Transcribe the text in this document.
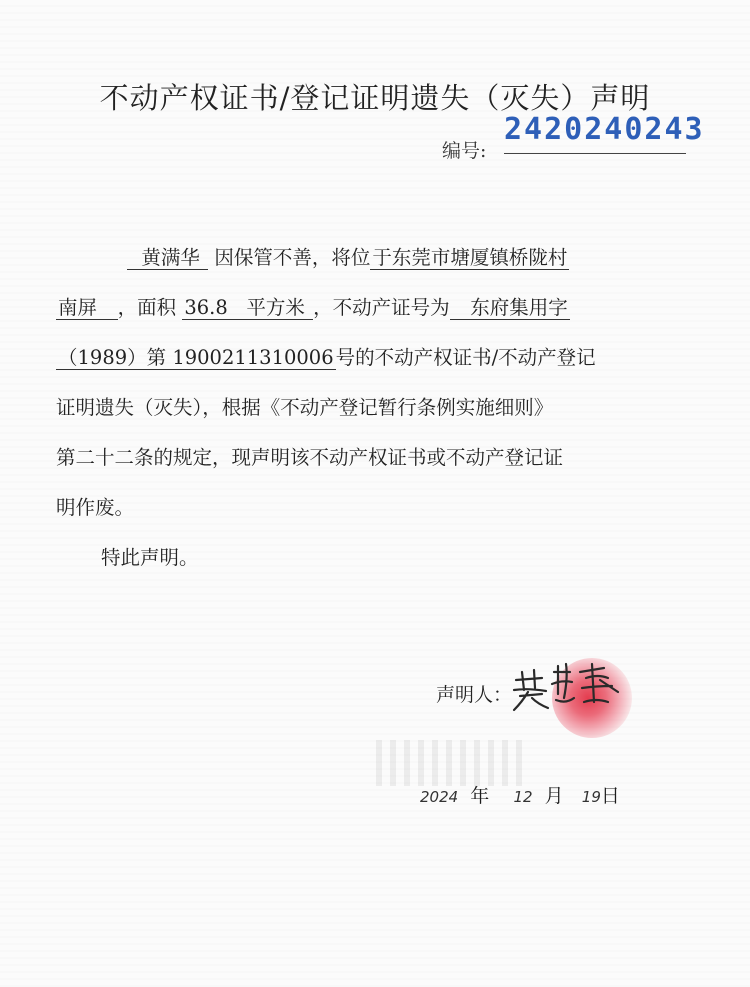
不动产权证书/登记证明遗失（灭失）声明
编号:
2420240243
黄满华 因保管不善，将位 于东莞市塘厦镇桥陇村
南屏 ，面积 36.8 平方米 ，不动产证号为 东府集用字
（1989）第 1900211310006 号的不动产权证书/不动产登记
证明遗失（灭失），根据《不动产登记暂行条例实施细则》
第二十二条的规定，现声明该不动产权证书或不动产登记证
明作废。
特此声明。
声明人：
2024 年 12 月 19日
